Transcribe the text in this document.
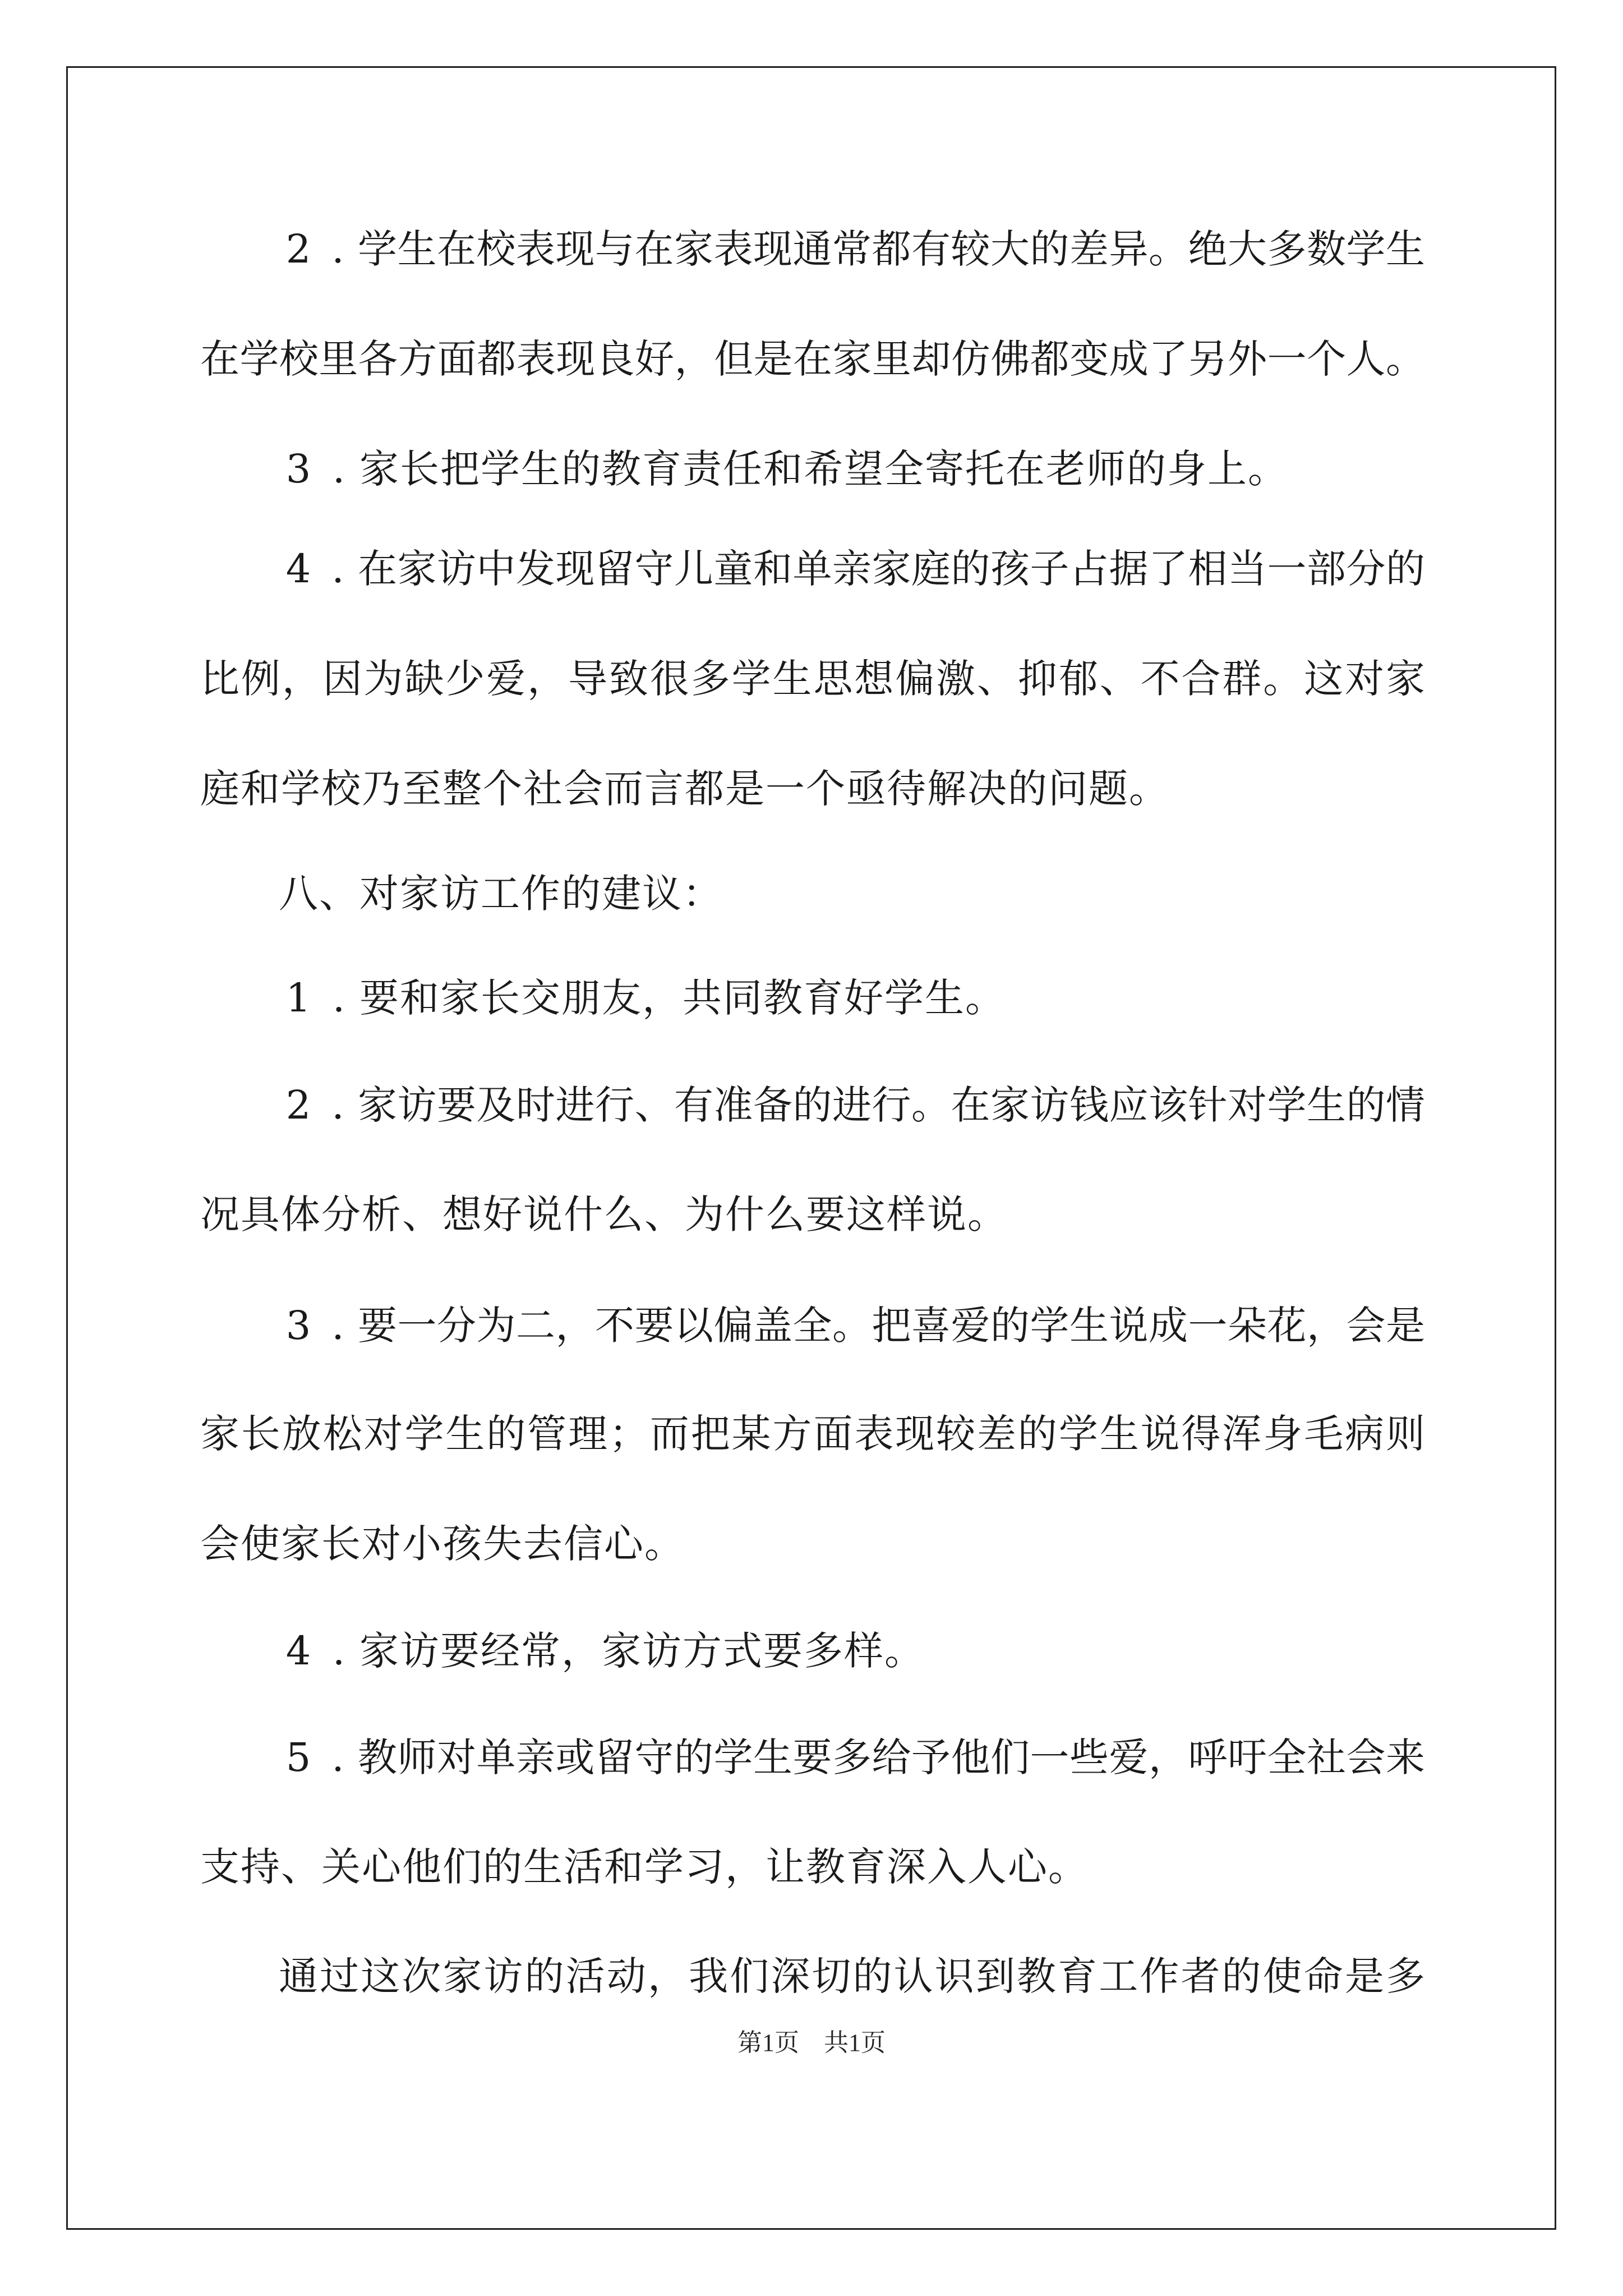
2 . 学 生 在 校 表 现 与 在 家 表 现 通 常 都 有 较 大 的 差 异 。 绝 大 多 数 学 生
在 学 校 里 各 方 面 都 表 现 良 好 ， 但 是 在 家 里 却 仿 佛 都 变 成 了 另 外 一 个 人 。
3 . 家 长 把 学 生 的 教 育 责 任 和 希 望 全 寄 托 在 老 师 的 身 上 。
4 . 在 家 访 中 发 现 留 守 儿 童 和 单 亲 家 庭 的 孩 子 占 据 了 相 当 一 部 分 的
比 例 ， 因 为 缺 少 爱 ， 导 致 很 多 学 生 思 想 偏 激 、 抑 郁 、 不 合 群 。 这 对 家
庭 和 学 校 乃 至 整 个 社 会 而 言 都 是 一 个 亟 待 解 决 的 问 题 。
八 、 对 家 访 工 作 的 建 议 ：
1 . 要 和 家 长 交 朋 友 ， 共 同 教 育 好 学 生 。
2 . 家 访 要 及 时 进 行 、 有 准 备 的 进 行 。 在 家 访 钱 应 该 针 对 学 生 的 情
况 具 体 分 析 、 想 好 说 什 么 、 为 什 么 要 这 样 说 。
3 . 要 一 分 为 二 ， 不 要 以 偏 盖 全 。 把 喜 爱 的 学 生 说 成 一 朵 花 ， 会 是
家 长 放 松 对 学 生 的 管 理 ； 而 把 某 方 面 表 现 较 差 的 学 生 说 得 浑 身 毛 病 则
会 使 家 长 对 小 孩 失 去 信 心 。
4 . 家 访 要 经 常 ， 家 访 方 式 要 多 样 。
5 . 教 师 对 单 亲 或 留 守 的 学 生 要 多 给 予 他 们 一 些 爱 ， 呼 吁 全 社 会 来
支 持 、 关 心 他 们 的 生 活 和 学 习 ， 让 教 育 深 入 人 心 。
通 过 这 次 家 访 的 活 动 ， 我 们 深 切 的 认 识 到 教 育 工 作 者 的 使 命 是 多
第1页　共1页
